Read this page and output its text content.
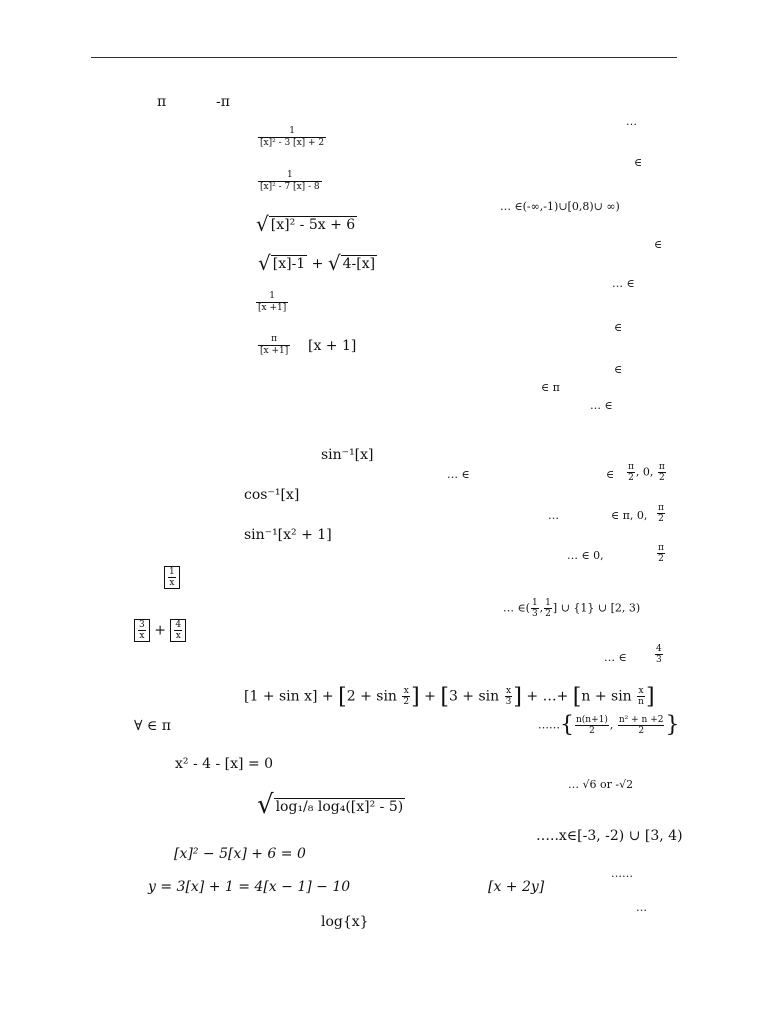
π	-π
…
$\frac{1}{\text{[x]² - 3 [x] + 2}}$
∈
$\frac{1}{\text{[x]² - 7 [x] - 8}}$
… ∈(-∞,-1)∪[0,8)∪ ∞)
√ [x]² - 5x + 6
∈
√ [x]-1 + √ 4-[x]
… ∈
$\frac{1}{[x +1]}$
∈
$\frac{\pi}{[x +1]} [x + 1]$
∈
∈ π
… ∈
sin⁻¹[x]
… ∈	∈ $\frac{\pi}{2}$ , 0, $\frac{\pi}{2}$
cos⁻¹[x]
…	∈ π, 0, $\frac{\pi}{2}$
sin⁻¹[x² + 1]
… ∈ 0,	$\frac{\pi}{2}$
$\frac{1}{x}$
… ∈( $\frac{1}{3}$ , $\frac{1}{2}$ ] ∪ {1} ∪ [2, 3)
$\frac{3}{x} + \frac{4}{x}$
… ∈	$\frac{4}{3}$
$[1 + \sin x] + [2 + \sin \frac{x}{2}$ ] + [$3 + \sin \frac{x}{3}$ ] + …+ [$n + \sin \frac{x}{n}$ ]
∀ ∈ π	……{ $\frac{n(n+1)}{2}$ , $\frac{\text{n² + n +2}}{2}$ }
x² - 4 - [x] = 0
… √6 or -√2
√ log₁/₈ log₄([x]² - 5)
…..x∈[-3, -2) ∪ [3, 4)
[x]² − 5[x] + 6 = 0
……
y = 3[x] + 1 = 4[x − 1] − 10	[x + 2y]
…
log{x}
